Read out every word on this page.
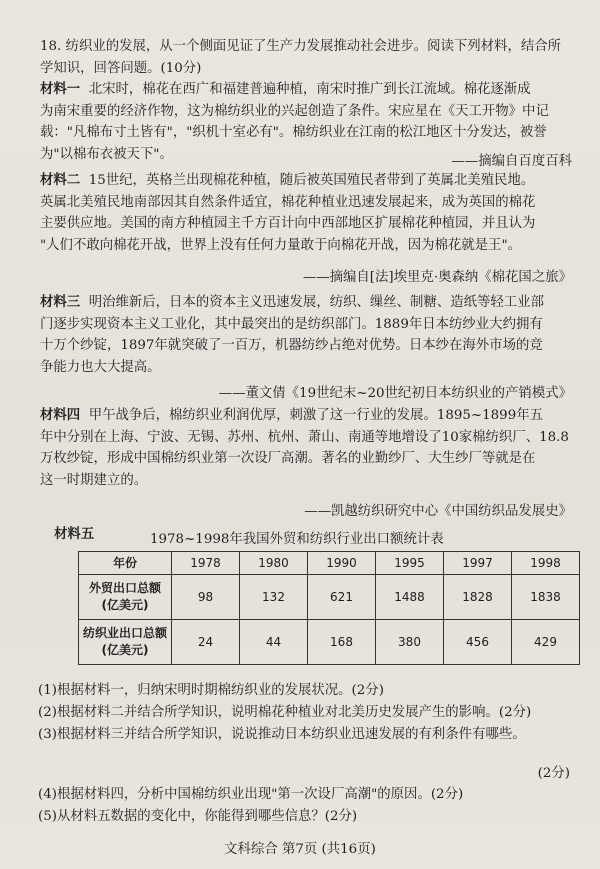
18. 纺织业的发展，从一个侧面见证了生产力发展推动社会进步。阅读下列材料，结合所

学知识，回答问题。(10分)

材料一 北宋时，棉花在西广和福建普遍种植，南宋时推广到长江流域。棉花逐渐成

为南宋重要的经济作物，这为棉纺织业的兴起创造了条件。宋应星在《天工开物》中记

载："凡棉布寸土皆有"，"织机十室必有"。棉纺织业在江南的松江地区十分发达，被誉

为"以棉布衣被天下"。	——摘编自百度百科

材料二 15世纪，英格兰出现棉花种植，随后被英国殖民者带到了英属北美殖民地。

英属北美殖民地南部因其自然条件适宜，棉花种植业迅速发展起来，成为英国的棉花

主要供应地。美国的南方种植园主千方百计向中西部地区扩展棉花种植园，并且认为

"人们不敢向棉花开战，世界上没有任何力量敢于向棉花开战，因为棉花就是王"。

——摘编自[法]埃里克·奥森纳《棉花国之旅》

材料三 明治维新后，日本的资本主义迅速发展，纺织、缫丝、制糖、造纸等轻工业部

门逐步实现资本主义工业化，其中最突出的是纺织部门。1889年日本纺纱业大约拥有

十万个纱锭，1897年就突破了一百万，机器纺纱占绝对优势。日本纱在海外市场的竞

争能力也大大提高。

——董文倩《19世纪末~20世纪初日本纺织业的产销模式》

材料四 甲午战争后，棉纺织业利润优厚，刺激了这一行业的发展。1895~1899年五

年中分别在上海、宁波、无锡、苏州、杭州、萧山、南通等地增设了10家棉纺织厂、18.8

万枚纱锭，形成中国棉纺织业第一次设厂高潮。著名的业勤纱厂、大生纱厂等就是在

这一时期建立的。

——凯越纺织研究中心《中国纺织品发展史》
材料五	1978~1998年我国外贸和纺织行业出口额统计表
年份	1978	1980	1990	1995	1997	1998
外贸出口总额
(亿美元)	98	132	621	1488	1828	1838
纺织业出口总额
(亿美元)	24	44	168	380	456	429
(1)根据材料一，归纳宋明时期棉纺织业的发展状况。(2分)
(2)根据材料二并结合所学知识，说明棉花种植业对北美历史发展产生的影响。(2分)
(3)根据材料三并结合所学知识，说说推动日本纺织业迅速发展的有利条件有哪些。
(2分)
(4)根据材料四，分析中国棉纺织业出现"第一次设厂高潮"的原因。(2分)
(5)从材料五数据的变化中，你能得到哪些信息？(2分)
文科综合 第7页 (共16页)
